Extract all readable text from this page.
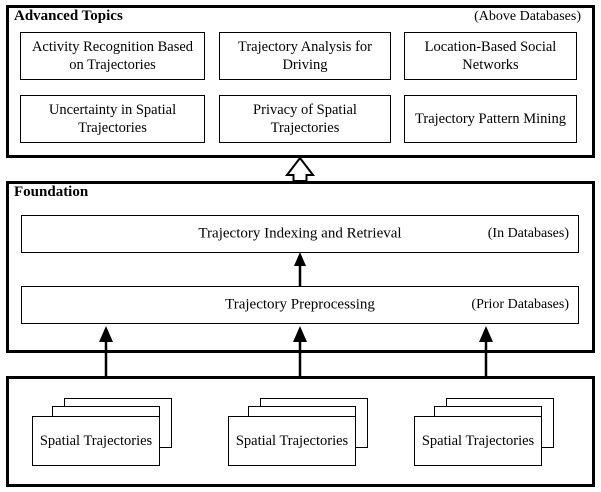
Advanced Topics	(Above Databases)
Activity Recognition Based on Trajectories
Trajectory Analysis for Driving
Location-Based Social Networks
Uncertainty in Spatial Trajectories
Privacy of Spatial Trajectories
Trajectory Pattern Mining
Foundation
Trajectory Indexing and Retrieval	(In Databases)
Trajectory Preprocessing	(Prior Databases)
Spatial Trajectories	Spatial Trajectories	Spatial Trajectories
